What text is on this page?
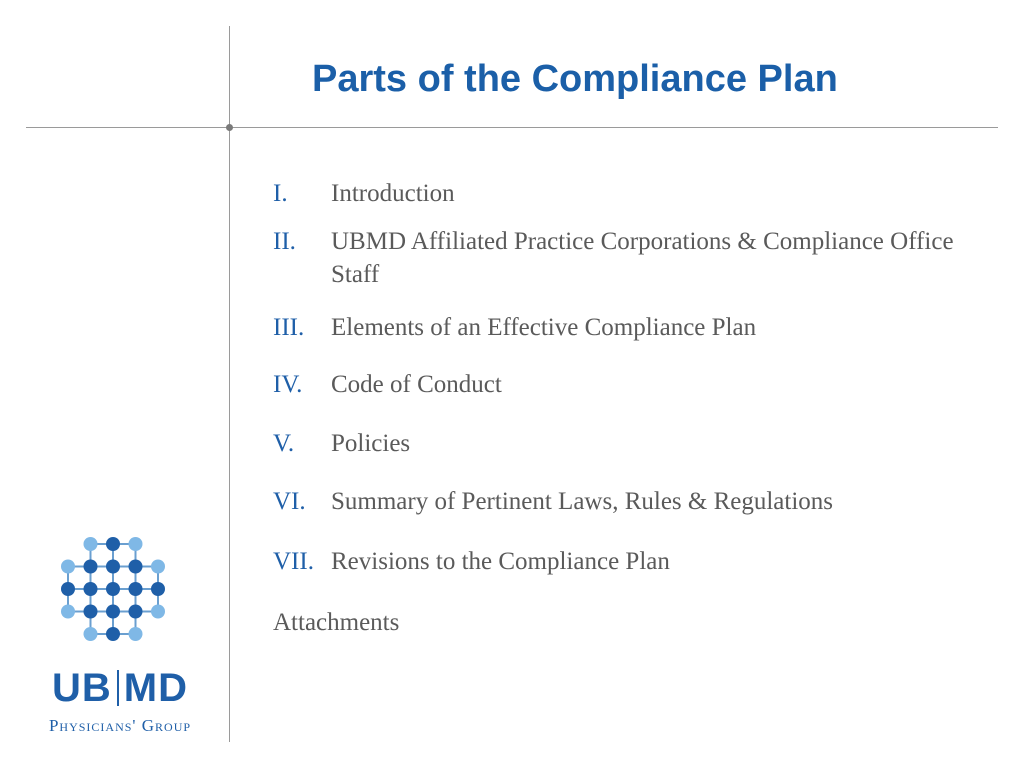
Parts of the Compliance Plan
I. Introduction
II. UBMD Affiliated Practice Corporations & Compliance Office Staff
III. Elements of an Effective Compliance Plan
IV. Code of Conduct
V. Policies
VI. Summary of Pertinent Laws, Rules & Regulations
VII. Revisions to the Compliance Plan
Attachments
UB MD
Physicians' Group
